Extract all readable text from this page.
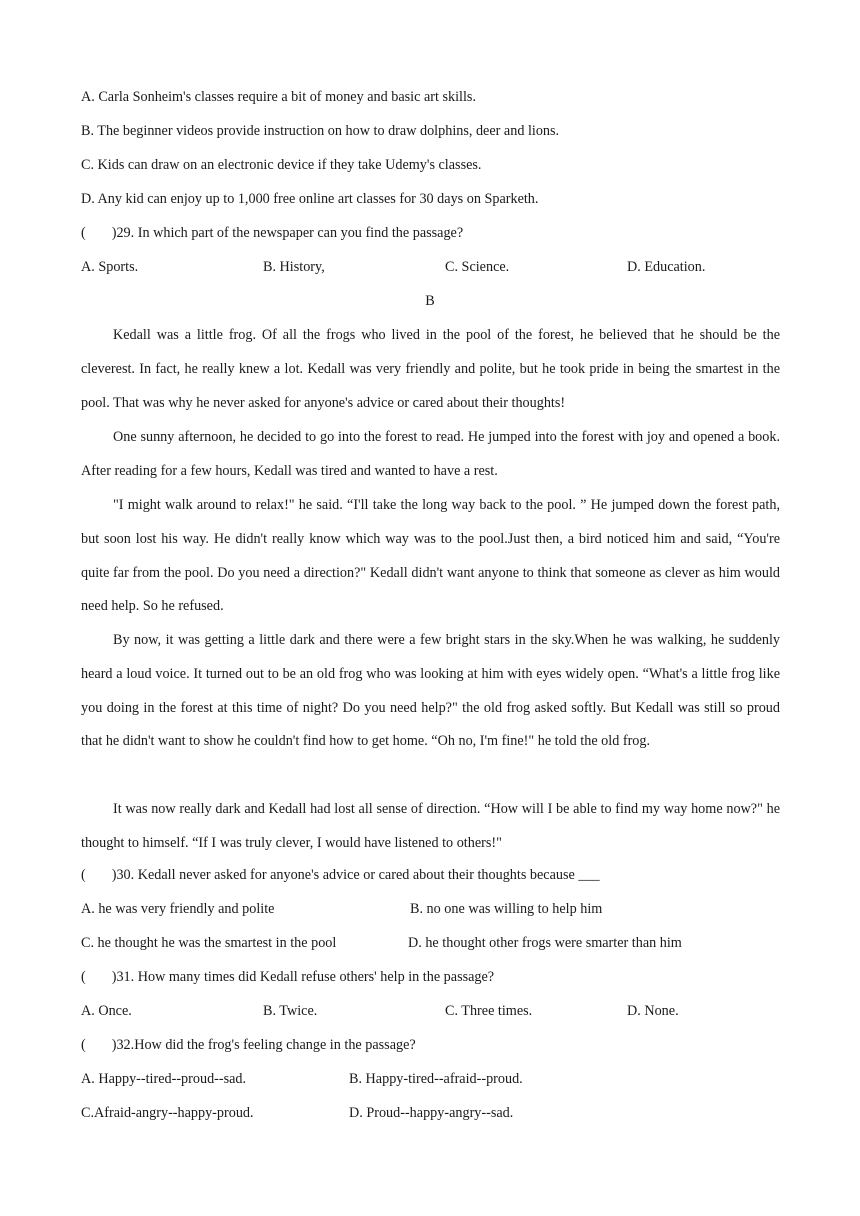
A. Carla Sonheim's classes require a bit of money and basic art skills.
B. The beginner videos provide instruction on how to draw dolphins, deer and lions.
C. Kids can draw on an electronic device if they take Udemy's classes.
D. Any kid can enjoy up to 1,000 free online art classes for 30 days on Sparketh.
( )29. In which part of the newspaper can you find the passage?
A. Sports.	B. History,	C. Science.	D. Education.
B

Kedall was a little frog. Of all the frogs who lived in the pool of the forest, he believed that he should be the cleverest. In fact, he really knew a lot. Kedall was very friendly and polite, but he took pride in being the smartest in the pool. That was why he never asked for anyone's advice or cared about their thoughts!

One sunny afternoon, he decided to go into the forest to read. He jumped into the forest with joy and opened a book. After reading for a few hours, Kedall was tired and wanted to have a rest.

"I might walk around to relax!" he said. “I'll take the long way back to the pool. ” He jumped down the forest path, but soon lost his way. He didn't really know which way was to the pool.Just then, a bird noticed him and said, “You're quite far from the pool. Do you need a direction?" Kedall didn't want anyone to think that someone as clever as him would need help. So he refused.

By now, it was getting a little dark and there were a few bright stars in the sky.When he was walking, he suddenly heard a loud voice. It turned out to be an old frog who was looking at him with eyes widely open. “What's a little frog like you doing in the forest at this time of night? Do you need help?" the old frog asked softly. But Kedall was still so proud that he didn't want to show he couldn't find how to get home. “Oh no, I'm fine!" he told the old frog.

It was now really dark and Kedall had lost all sense of direction. “How will I be able to find my way home now?" he thought to himself. “If I was truly clever, I would have listened to others!"

( )30. Kedall never asked for anyone's advice or cared about their thoughts because ___
A. he was very friendly and polite	B. no one was willing to help him
C. he thought he was the smartest in the pool	D. he thought other frogs were smarter than him
( )31. How many times did Kedall refuse others' help in the passage?
A. Once.	B. Twice.	C. Three times.	D. None.
( )32.How did the frog's feeling change in the passage?
A. Happy--tired--proud--sad.	B. Happy-tired--afraid--proud.
C.Afraid-angry--happy-proud.	D. Proud--happy-angry--sad.
